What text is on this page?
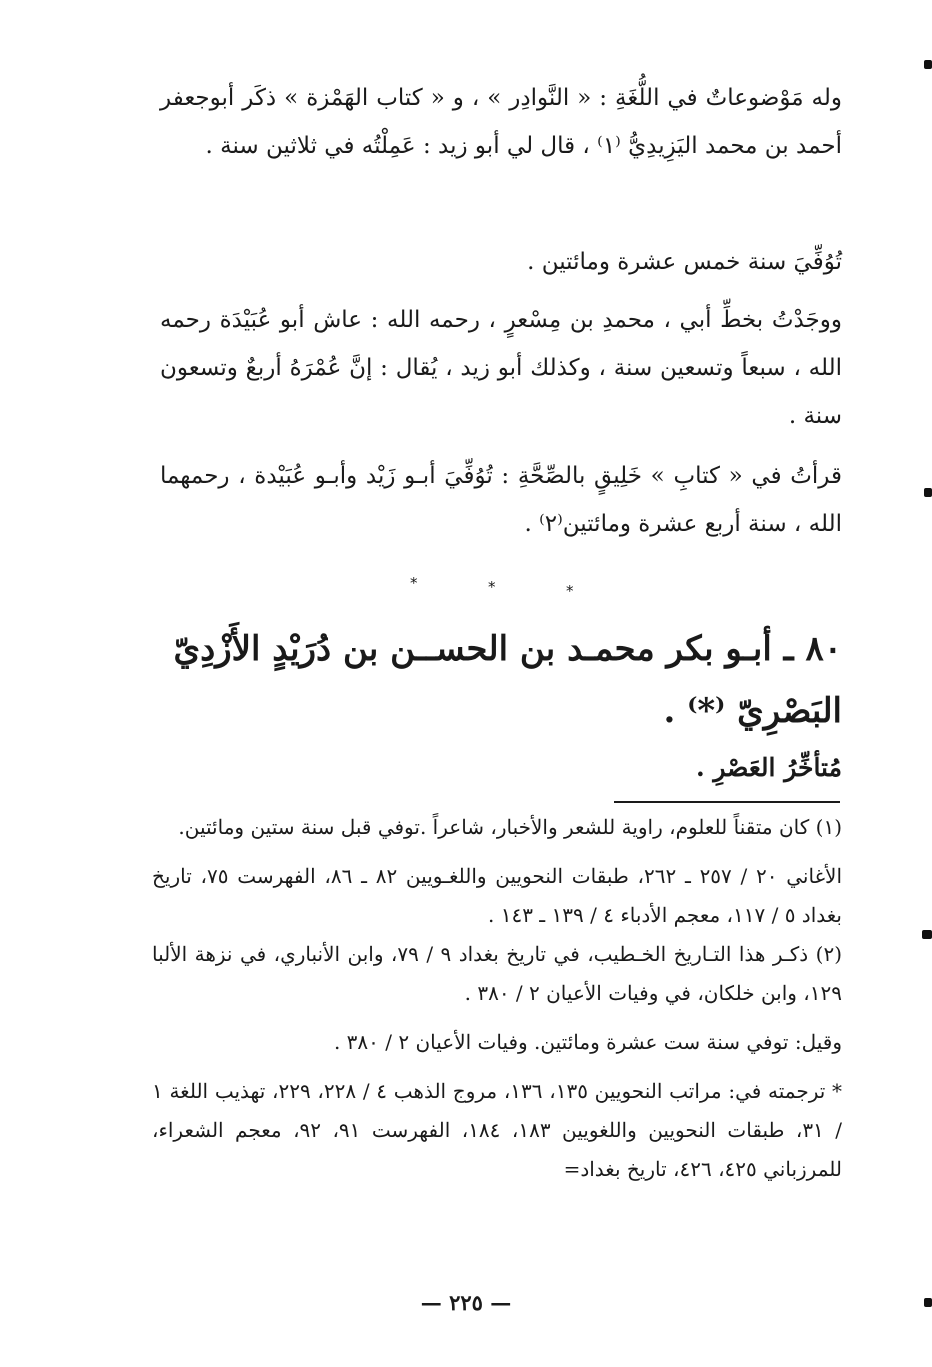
وله مَوْضوعاتٌ في اللُّغَةِ : « النَّوادِر » ، و « كتاب الهَمْزة » ذكَر أبوجعفر أحمد بن محمد اليَزِيدِيُّ ⁽١⁾ ، قال لي أبو زيد : عَمِلْتُه في ثلاثين سنة .

تُوُفِّيَ سنة خمس عشرة ومائتين .

ووجَدْتُ بخطِّ أبي ، محمدِ بن مِسْعرٍ ، رحمه الله : عاش أبو عُبَيْدَة رحمه الله ، سبعاً وتسعين سنة ، وكذلك أبو زيد ، يُقال : إنَّ عُمْرَهُ أربعٌ وتسعون سنة .

قرأتُ في « كتابِ » خَلِيقٍ بالصِّحَّةِ : تُوُفِّيَ أبـو زَيْد وأبـو عُبَيْدة ، رحمهما الله ، سنة أربع عشرة ومائتين⁽٢⁾ .

*	*	*
٨٠ ـ أبـو بكر محمـد بن الحســن بن دُرَيْدٍ الأَزْدِيّ البَصْرِيّ ⁽*⁾ .
مُتأخِّرُ العَصْرِ .

(١) كان متقناً للعلوم، راوية للشعر والأخبار، شاعراً .توفي قبل سنة ستين ومائتين.

الأغاني ٢٠ / ٢٥٧ ـ ٢٦٢، طبقات النحويين واللغـويين ٨٢ ـ ٨٦، الفهرست ٧٥، تاريخ بغداد ٥ / ١١٧، معجم الأدباء ٤ / ١٣٩ ـ ١٤٣ .

(٢) ذكـر هذا التـاريخ الخـطيب، في تاريخ بغداد ٩ / ٧٩، وابن الأنباري، في نزهة الألبا ١٢٩، وابن خلكان، في وفيات الأعيان ٢ / ٣٨٠ .

وقيل: توفي سنة ست عشرة ومائتين. وفيات الأعيان ٢ / ٣٨٠ .

* ترجمته في: مراتب النحويين ١٣٥، ١٣٦، مروج الذهب ٤ / ٢٢٨، ٢٢٩، تهذيب اللغة ١ / ٣١، طبقات النحويين واللغويين ١٨٣، ١٨٤، الفهرست ٩١، ٩٢، معجم الشعراء، للمرزباني ٤٢٥، ٤٢٦، تاريخ بغداد=

— ٢٢٥ —
